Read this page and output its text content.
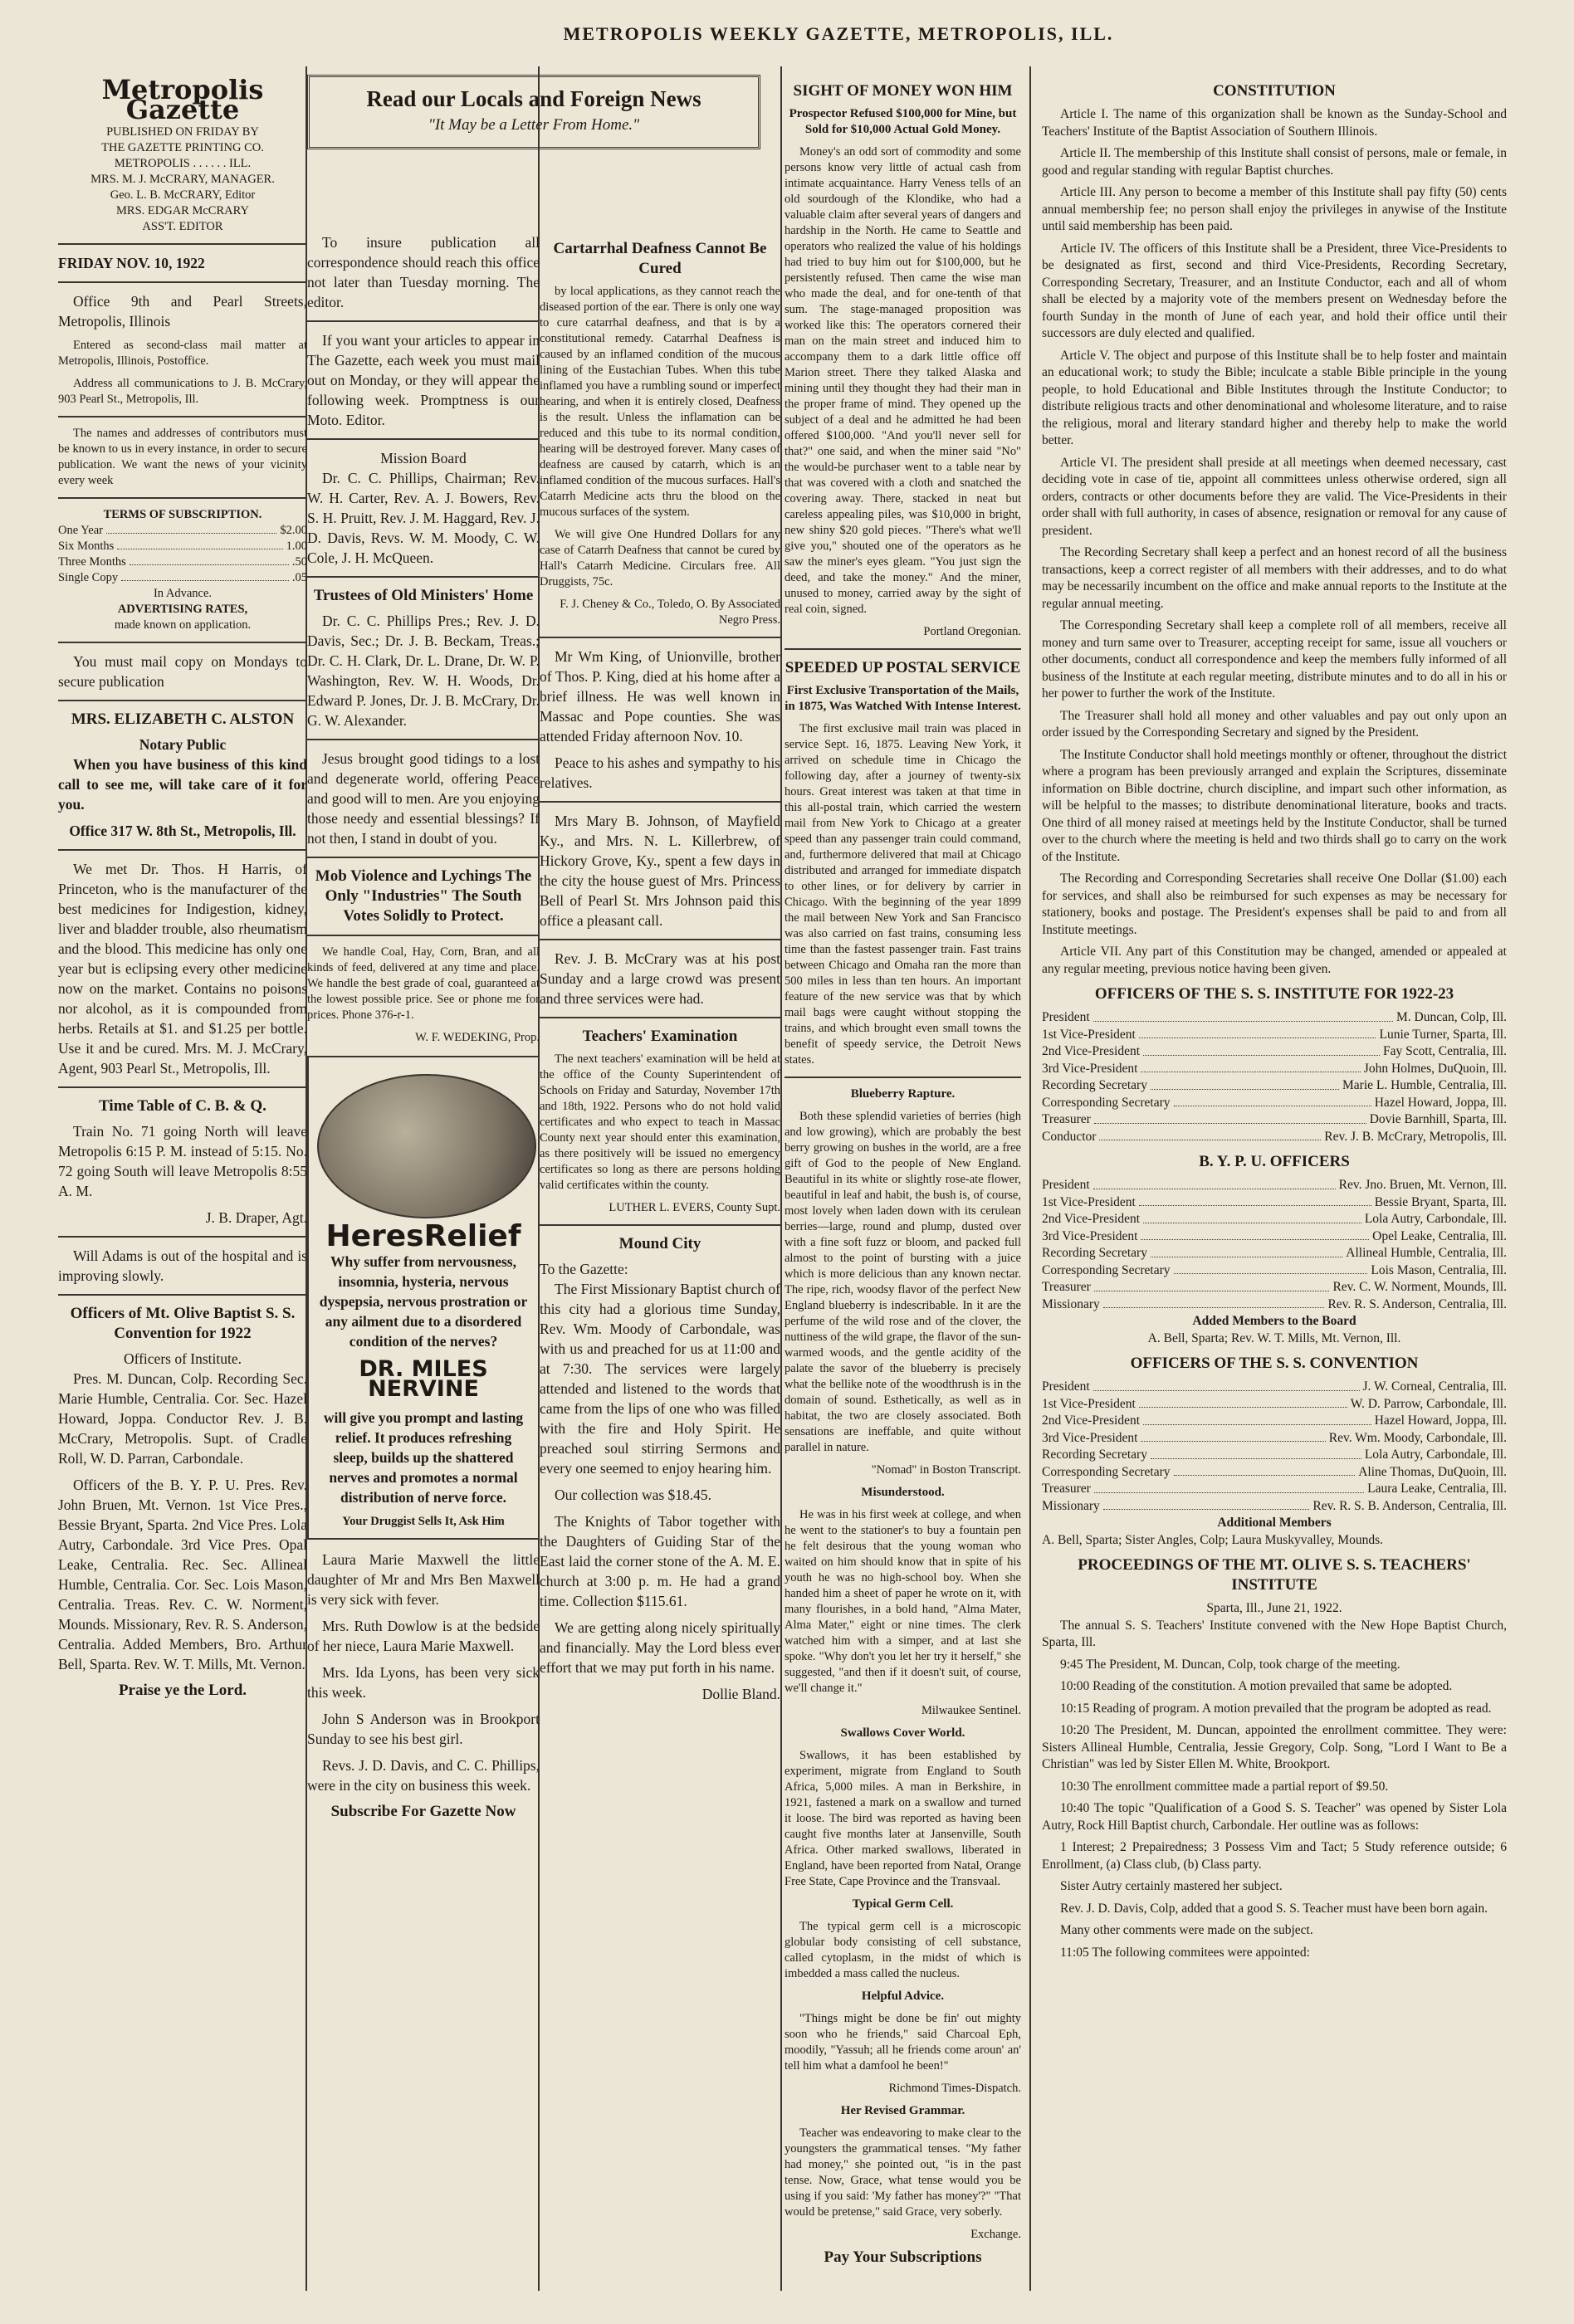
METROPOLIS WEEKLY GAZETTE, METROPOLIS, ILL.
Metropolis Gazette
PUBLISHED ON FRIDAY BY
THE GAZETTE PRINTING CO.
METROPOLIS . . . . . . ILL.
MRS. M. J. McCRARY, MANAGER.
Geo. L. B. McCRARY, Editor
MRS. EDGAR McCRARY
ASS'T. EDITOR
FRIDAY NOV. 10, 1922

Office 9th and Pearl Streets, Metropolis, Illinois

Entered as second-class mail matter at Metropolis, Illinois, Postoffice.

Address all communications to J. B. McCrary, 903 Pearl St., Metropolis, Ill.

The names and addresses of contributors must be known to us in every instance, in order to secure publication. We want the news of your vicinity every week

TERMS OF SUBSCRIPTION.
One Year	$2.00
Six Months	1.00
Three Months	.50
Single Copy	.05
In Advance.
ADVERTISING RATES,
made known on application.

You must mail copy on Mondays to secure publication

MRS. ELIZABETH C. ALSTON
Notary Public

When you have business of this kind call to see me, will take care of it for you.

Office 317 W. 8th St., Metropolis, Ill.

We met Dr. Thos. H Harris, of Princeton, who is the manufacturer of the best medicines for Indigestion, kidney, liver and bladder trouble, also rheumatism and the blood. This medicine has only one year but is eclipsing every other medicine now on the market. Contains no poisons nor alcohol, as it is compounded from herbs. Retails at $1. and $1.25 per bottle. Use it and be cured. Mrs. M. J. McCrary, Agent, 903 Pearl St., Metropolis, Ill.

Time Table of C. B. & Q.

Train No. 71 going North will leave Metropolis 6:15 P. M. instead of 5:15. No. 72 going South will leave Metropolis 8:55 A. M.

J. B. Draper, Agt.

Will Adams is out of the hospital and is improving slowly.

Officers of Mt. Olive Baptist S. S. Convention for 1922
Officers of Institute.

Pres. M. Duncan, Colp. Recording Sec. Marie Humble, Centralia. Cor. Sec. Hazel Howard, Joppa. Conductor Rev. J. B. McCrary, Metropolis. Supt. of Cradle Roll, W. D. Parran, Carbondale.

Officers of the B. Y. P. U. Pres. Rev. John Bruen, Mt. Vernon. 1st Vice Pres., Bessie Bryant, Sparta. 2nd Vice Pres. Lola Autry, Carbondale. 3rd Vice Pres. Opal Leake, Centralia. Rec. Sec. Allineal Humble, Centralia. Cor. Sec. Lois Mason, Centralia. Treas. Rev. C. W. Norment, Mounds. Missionary, Rev. R. S. Anderson, Centralia. Added Members, Bro. Arthur Bell, Sparta. Rev. W. T. Mills, Mt. Vernon.

Praise ye the Lord.
Read our Locals and Foreign News
"It May be a Letter From Home."

To insure publication all correspondence should reach this office not later than Tuesday morning. The editor.

If you want your articles to appear in The Gazette, each week you must mail out on Monday, or they will appear the following week. Promptness is our Moto. Editor.

Mission Board

Dr. C. C. Phillips, Chairman; Rev. W. H. Carter, Rev. A. J. Bowers, Rev. S. H. Pruitt, Rev. J. M. Haggard, Rev. J. D. Davis, Revs. W. M. Moody, C. W. Cole, J. H. McQueen.

Trustees of Old Ministers' Home

Dr. C. C. Phillips Pres.; Rev. J. D. Davis, Sec.; Dr. J. B. Beckam, Treas.; Dr. C. H. Clark, Dr. L. Drane, Dr. W. P. Washington, Rev. W. H. Woods, Dr. Edward P. Jones, Dr. J. B. McCrary, Dr. G. W. Alexander.

Jesus brought good tidings to a lost and degenerate world, offering Peace and good will to men. Are you enjoying those needy and essential blessings? If not then, I stand in doubt of you.

Mob Violence and Lychings The Only "Industries" The South Votes Solidly to Protect.

We handle Coal, Hay, Corn, Bran, and all kinds of feed, delivered at any time and place. We handle the best grade of coal, guaranteed at the lowest possible price. See or phone me for prices. Phone 376-r-1.

W. F. WEDEKING, Prop.
HeresRelief
Why suffer from nervousness, insomnia, hysteria, nervous dyspepsia, nervous prostration or any ailment due to a disordered condition of the nerves?
DR. MILES NERVINE
will give you prompt and lasting relief. It produces refreshing sleep, builds up the shattered nerves and promotes a normal distribution of nerve force.
Your Druggist Sells It, Ask Him

Laura Marie Maxwell the little daughter of Mr and Mrs Ben Maxwell is very sick with fever.

Mrs. Ruth Dowlow is at the bedside of her niece, Laura Marie Maxwell.

Mrs. Ida Lyons, has been very sick this week.

John S Anderson was in Brookport Sunday to see his best girl.

Revs. J. D. Davis, and C. C. Phillips, were in the city on business this week.

Subscribe For Gazette Now
Cartarrhal Deafness Cannot Be Cured

by local applications, as they cannot reach the diseased portion of the ear. There is only one way to cure catarrhal deafness, and that is by a constitutional remedy. Catarrhal Deafness is caused by an inflamed condition of the mucous lining of the Eustachian Tubes. When this tube inflamed you have a rumbling sound or imperfect hearing, and when it is entirely closed, Deafness is the result. Unless the inflamation can be reduced and this tube to its normal condition, hearing will be destroyed forever. Many cases of deafness are caused by catarrh, which is an inflamed condition of the mucous surfaces. Hall's Catarrh Medicine acts thru the blood on the mucous surfaces of the system.

We will give One Hundred Dollars for any case of Catarrh Deafness that cannot be cured by Hall's Catarrh Medicine. Circulars free. All Druggists, 75c.

F. J. Cheney & Co., Toledo, O. By Associated Negro Press.

Mr Wm King, of Unionville, brother of Thos. P. King, died at his home after a brief illness. He was well known in Massac and Pope counties. She was attended Friday afternoon Nov. 10.

Peace to his ashes and sympathy to his relatives.

Mrs Mary B. Johnson, of Mayfield Ky., and Mrs. N. L. Killerbrew, of Hickory Grove, Ky., spent a few days in the city the house guest of Mrs. Princess Bell of Pearl St. Mrs Johnson paid this office a pleasant call.

Rev. J. B. McCrary was at his post Sunday and a large crowd was present and three services were had.

Teachers' Examination

The next teachers' examination will be held at the office of the County Superintendent of Schools on Friday and Saturday, November 17th and 18th, 1922. Persons who do not hold valid certificates and who expect to teach in Massac County next year should enter this examination, as there positively will be issued no emergency certificates so long as there are persons holding valid certificates within the county.

LUTHER L. EVERS, County Supt.
Mound City
To the Gazette:

The First Missionary Baptist church of this city had a glorious time Sunday, Rev. Wm. Moody of Carbondale, was with us and preached for us at 11:00 and at 7:30. The services were largely attended and listened to the words that came from the lips of one who was filled with the fire and Holy Spirit. He preached soul stirring Sermons and every one seemed to enjoy hearing him.

Our collection was $18.45.

The Knights of Tabor together with the Daughters of Guiding Star of the East laid the corner stone of the A. M. E. church at 3:00 p. m. He had a grand time. Collection $115.61.

We are getting along nicely spiritually and financially. May the Lord bless ever effort that we may put forth in his name.

Dollie Bland.
SIGHT OF MONEY WON HIM
Prospector Refused $100,000 for Mine, but Sold for $10,000 Actual Gold Money.

Money's an odd sort of commodity and some persons know very little of actual cash from intimate acquaintance. Harry Veness tells of an old sourdough of the Klondike, who had a valuable claim after several years of dangers and hardship in the North. He came to Seattle and operators who realized the value of his holdings had tried to buy him out for $100,000, but he persistently refused. Then came the wise man who made the deal, and for one-tenth of that sum. The stage-managed proposition was worked like this: The operators cornered their man on the main street and induced him to accompany them to a dark little office off Marion street. There they talked Alaska and mining until they thought they had their man in the proper frame of mind. They opened up the subject of a deal and he admitted he had been offered $100,000. "And you'll never sell for that?" one said, and when the miner said "No" the would-be purchaser went to a table near by that was covered with a cloth and snatched the covering away. There, stacked in neat but careless appealing piles, was $10,000 in bright, new shiny $20 gold pieces. "There's what we'll give you," shouted one of the operators as he saw the miner's eyes gleam. "You just sign the deed, and take the money." And the miner, unused to money, carried away by the sight of real coin, signed.

Portland Oregonian.
SPEEDED UP POSTAL SERVICE
First Exclusive Transportation of the Mails, in 1875, Was Watched With Intense Interest.

The first exclusive mail train was placed in service Sept. 16, 1875. Leaving New York, it arrived on schedule time in Chicago the following day, after a journey of twenty-six hours. Great interest was taken at that time in this all-postal train, which carried the western mail from New York to Chicago at a greater speed than any passenger train could command, and, furthermore delivered that mail at Chicago distributed and arranged for immediate dispatch to other lines, or for delivery by carrier in Chicago. With the beginning of the year 1899 the mail between New York and San Francisco was also carried on fast trains, consuming less time than the fastest passenger train. Fast trains between Chicago and Omaha ran the more than 500 miles in less than ten hours. An important feature of the new service was that by which mail bags were caught without stopping the trains, and which brought even small towns the benefit of speedy service, the Detroit News states.

Blueberry Rapture.

Both these splendid varieties of berries (high and low growing), which are probably the best berry growing on bushes in the world, are a free gift of God to the people of New England. Beautiful in its white or slightly rose-ate flower, beautiful in leaf and habit, the bush is, of course, most lovely when laden down with its cerulean berries—large, round and plump, dusted over with a fine soft fuzz or bloom, and packed full almost to the point of bursting with a juice which is more delicious than any known nectar. The ripe, rich, woodsy flavor of the perfect New England blueberry is indescribable. In it are the perfume of the wild rose and of the clover, the nuttiness of the wild grape, the flavor of the sun-warmed woods, and the gentle acidity of the palate the savor of the blueberry is precisely what the bellike note of the woodthrush is in the domain of sound. Esthetically, as well as in habitat, the two are closely associated. Both sensations are ineffable, and quite without parallel in nature.

"Nomad" in Boston Transcript.
Misunderstood.

He was in his first week at college, and when he went to the stationer's to buy a fountain pen he felt desirous that the young woman who waited on him should know that in spite of his youth he was no high-school boy. When she handed him a sheet of paper he wrote on it, with many flourishes, in a bold hand, "Alma Mater, Alma Mater," eight or nine times. The clerk watched him with a simper, and at last she spoke. "Why don't you let her try it herself," she suggested, "and then if it doesn't suit, of course, we'll change it."

Milwaukee Sentinel.
Swallows Cover World.

Swallows, it has been established by experiment, migrate from England to South Africa, 5,000 miles. A man in Berkshire, in 1921, fastened a mark on a swallow and turned it loose. The bird was reported as having been caught five months later at Jansenville, South Africa. Other marked swallows, liberated in England, have been reported from Natal, Orange Free State, Cape Province and the Transvaal.

Typical Germ Cell.

The typical germ cell is a microscopic globular body consisting of cell substance, called cytoplasm, in the midst of which is imbedded a mass called the nucleus.

Helpful Advice.

"Things might be done be fin' out mighty soon who he friends," said Charcoal Eph, moodily, "Yassuh; all he friends come aroun' an' tell him what a damfool he been!"

Richmond Times-Dispatch.
Her Revised Grammar.

Teacher was endeavoring to make clear to the youngsters the grammatical tenses. "My father had money," she pointed out, "is in the past tense. Now, Grace, what tense would you be using if you said: 'My father has money'?" "That would be pretense," said Grace, very soberly.

Exchange.
Pay Your Subscriptions
CONSTITUTION

Article I. The name of this organization shall be known as the Sunday-School and Teachers' Institute of the Baptist Association of Southern Illinois.

Article II. The membership of this Institute shall consist of persons, male or female, in good and regular standing with regular Baptist churches.

Article III. Any person to become a member of this Institute shall pay fifty (50) cents annual membership fee; no person shall enjoy the privileges in anywise of the Institute until said membership has been paid.

Article IV. The officers of this Institute shall be a President, three Vice-Presidents to be designated as first, second and third Vice-Presidents, Recording Secretary, Corresponding Secretary, Treasurer, and an Institute Conductor, each and all of whom shall be elected by a majority vote of the members present on Wednesday before the fourth Sunday in the month of June of each year, and hold their office until their successors are duly elected and qualified.

Article V. The object and purpose of this Institute shall be to help foster and maintain an educational work; to study the Bible; inculcate a stable Bible principle in the young people, to hold Educational and Bible Institutes through the Institute Conductor; to distribute religious tracts and other denominational and wholesome literature, and to raise the religious, moral and literary standard higher and thereby help to make the world better.

Article VI. The president shall preside at all meetings when deemed necessary, cast deciding vote in case of tie, appoint all committees unless otherwise ordered, sign all orders, contracts or other documents before they are valid. The Vice-Presidents in their order shall with full authority, in cases of absence, resignation or removal for any cause of president.

The Recording Secretary shall keep a perfect and an honest record of all the business transactions, keep a correct register of all members with their addresses, and to do what may be necessarily incumbent on the office and make annual reports to the Institute at the regular annual meeting.

The Corresponding Secretary shall keep a complete roll of all members, receive all money and turn same over to Treasurer, accepting receipt for same, issue all vouchers or other documents, conduct all correspondence and keep the members fully informed of all business of the Institute at each regular meeting, distribute minutes and to do all in his or her power to further the work of the Institute.

The Treasurer shall hold all money and other valuables and pay out only upon an order issued by the Corresponding Secretary and signed by the President.

The Institute Conductor shall hold meetings monthly or oftener, throughout the district where a program has been previously arranged and explain the Scriptures, disseminate information on Bible doctrine, church discipline, and impart such other information, as will be helpful to the masses; to distribute denominational literature, books and tracts. One third of all money raised at meetings held by the Institute Conductor, shall be turned over to the church where the meeting is held and two thirds shall go to carry on the work of the Institute.

The Recording and Corresponding Secretaries shall receive One Dollar ($1.00) each for services, and shall also be reimbursed for such expenses as may be necessary for stationery, books and postage. The President's expenses shall be paid to and from all Institute meetings.

Article VII. Any part of this Constitution may be changed, amended or appealed at any regular meeting, previous notice having been given.

OFFICERS OF THE S. S. INSTITUTE FOR 1922-23
President	M. Duncan, Colp, Ill.
1st Vice-President	Lunie Turner, Sparta, Ill.
2nd Vice-President	Fay Scott, Centralia, Ill.
3rd Vice-President	John Holmes, DuQuoin, Ill.
Recording Secretary	Marie L. Humble, Centralia, Ill.
Corresponding Secretary	Hazel Howard, Joppa, Ill.
Treasurer	Dovie Barnhill, Sparta, Ill.
Conductor	Rev. J. B. McCrary, Metropolis, Ill.
B. Y. P. U. OFFICERS
President	Rev. Jno. Bruen, Mt. Vernon, Ill.
1st Vice-President	Bessie Bryant, Sparta, Ill.
2nd Vice-President	Lola Autry, Carbondale, Ill.
3rd Vice-President	Opel Leake, Centralia, Ill.
Recording Secretary	Allineal Humble, Centralia, Ill.
Corresponding Secretary	Lois Mason, Centralia, Ill.
Treasurer	Rev. C. W. Norment, Mounds, Ill.
Missionary	Rev. R. S. Anderson, Centralia, Ill.
Added Members to the Board
A. Bell, Sparta; Rev. W. T. Mills, Mt. Vernon, Ill.
OFFICERS OF THE S. S. CONVENTION
President	J. W. Corneal, Centralia, Ill.
1st Vice-President	W. D. Parrow, Carbondale, Ill.
2nd Vice-President	Hazel Howard, Joppa, Ill.
3rd Vice-President	Rev. Wm. Moody, Carbondale, Ill.
Recording Secretary	Lola Autry, Carbondale, Ill.
Corresponding Secretary	Aline Thomas, DuQuoin, Ill.
Treasurer	Laura Leake, Centralia, Ill.
Missionary	Rev. R. S. B. Anderson, Centralia, Ill.
Additional Members
A. Bell, Sparta; Sister Angles, Colp; Laura Muskyvalley, Mounds.
PROCEEDINGS OF THE MT. OLIVE S. S. TEACHERS' INSTITUTE
Sparta, Ill., June 21, 1922.

The annual S. S. Teachers' Institute convened with the New Hope Baptist Church, Sparta, Ill.

9:45 The President, M. Duncan, Colp, took charge of the meeting.

10:00 Reading of the constitution. A motion prevailed that same be adopted.

10:15 Reading of program. A motion prevailed that the program be adopted as read.

10:20 The President, M. Duncan, appointed the enrollment committee. They were: Sisters Allineal Humble, Centralia, Jessie Gregory, Colp. Song, "Lord I Want to Be a Christian" was led by Sister Ellen M. White, Brookport.

10:30 The enrollment committee made a partial report of $9.50.

10:40 The topic "Qualification of a Good S. S. Teacher" was opened by Sister Lola Autry, Rock Hill Baptist church, Carbondale. Her outline was as follows:

1 Interest; 2 Prepairedness; 3 Possess Vim and Tact; 5 Study reference outside; 6 Enrollment, (a) Class club, (b) Class party.

Sister Autry certainly mastered her subject.

Rev. J. D. Davis, Colp, added that a good S. S. Teacher must have been born again.

Many other comments were made on the subject.

11:05 The following commitees were appointed:
